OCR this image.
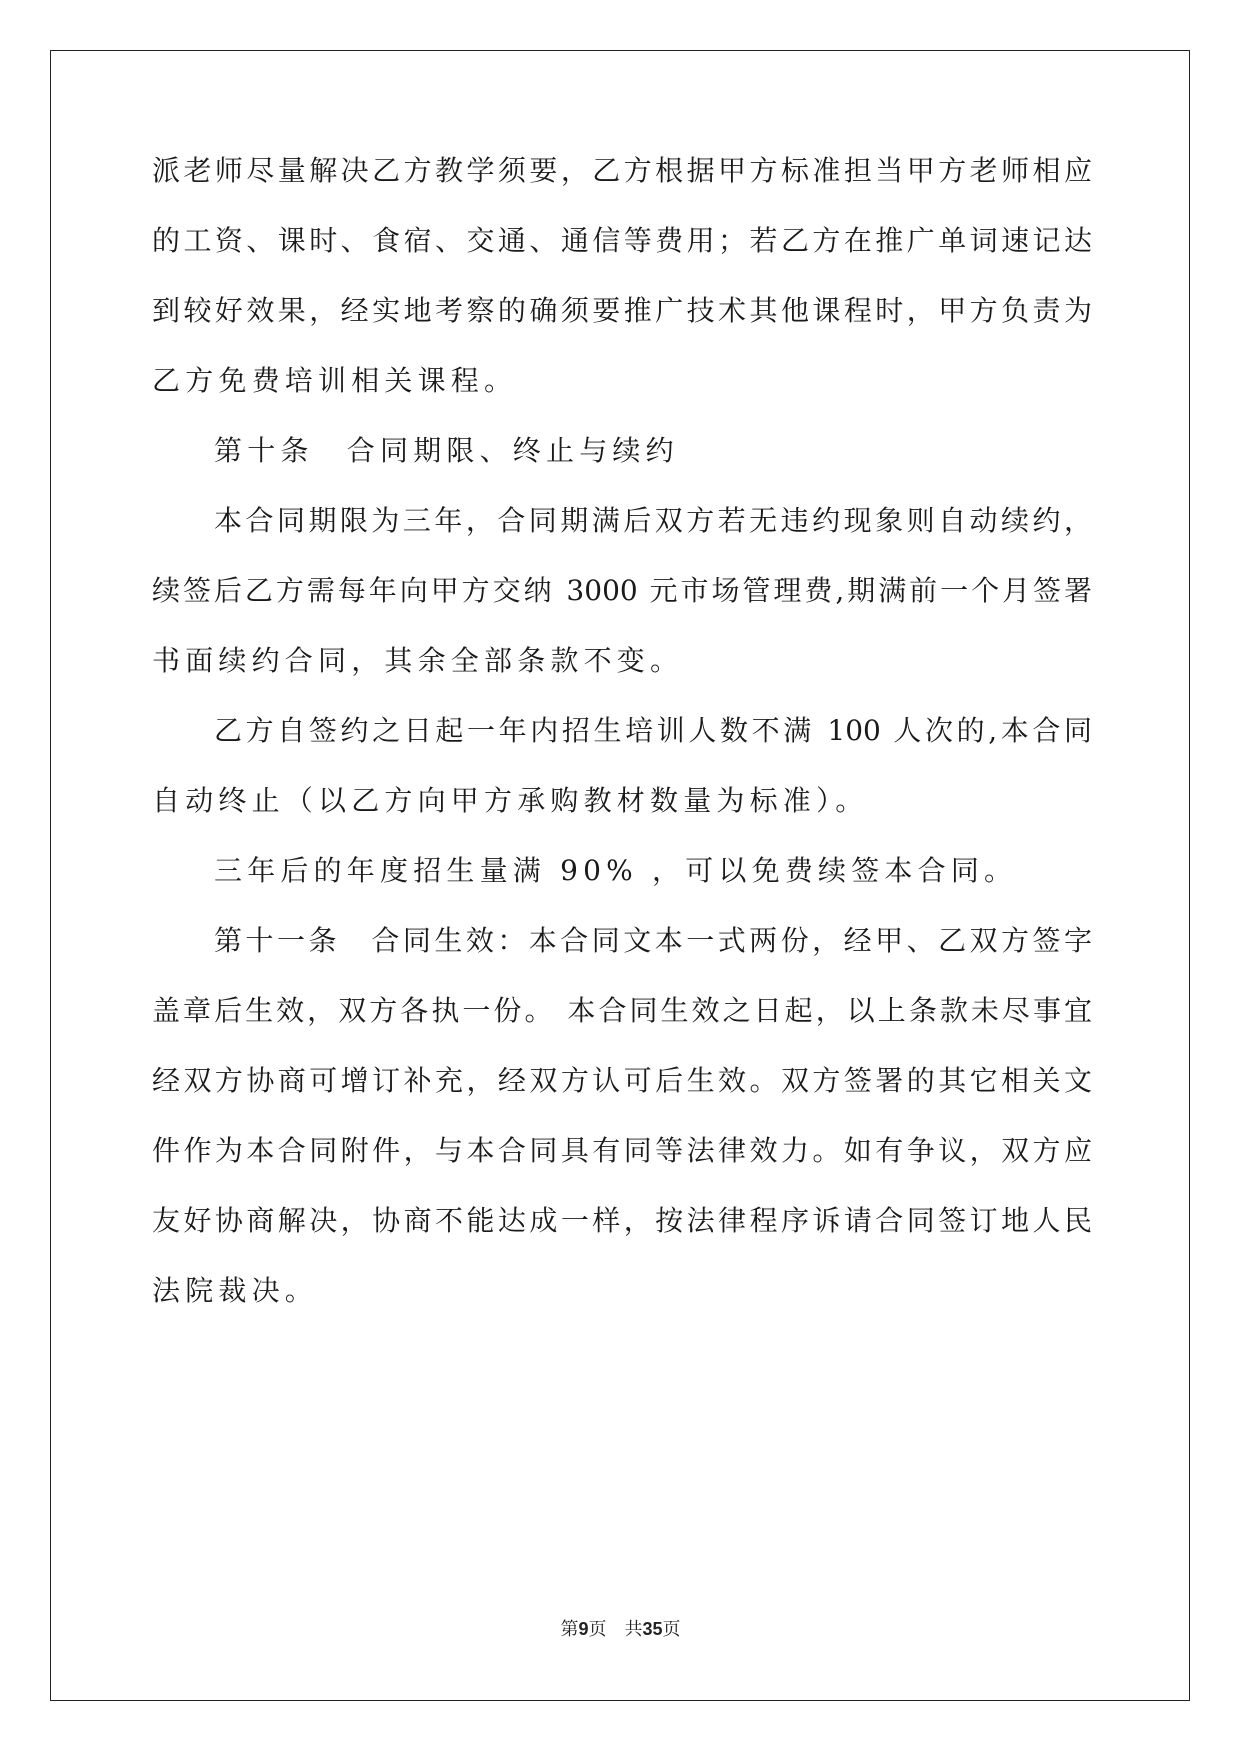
派老师尽量解决乙方教学须要，乙方根据甲方标准担当甲方老师相应
的工资、课时、食宿、交通、通信等费用；若乙方在推广单词速记达
到较好效果，经实地考察的确须要推广技术其他课程时，甲方负责为
乙方免费培训相关课程。
第十条　合同期限、终止与续约
本合同期限为三年，合同期满后双方若无违约现象则自动续约，
续签后乙方需每年向甲方交纳 3000 元市场管理费,期满前一个月签署
书面续约合同，其余全部条款不变。
乙方自签约之日起一年内招生培训人数不满 100 人次的,本合同
自动终止（以乙方向甲方承购教材数量为标准）。
三年后的年度招生量满 90% ，可以免费续签本合同。
第十一条　合同生效：本合同文本一式两份，经甲、乙双方签字
盖章后生效，双方各执一份。 本合同生效之日起，以上条款未尽事宜
经双方协商可增订补充，经双方认可后生效。双方签署的其它相关文
件作为本合同附件，与本合同具有同等法律效力。如有争议，双方应
友好协商解决，协商不能达成一样，按法律程序诉请合同签订地人民
法院裁决。
第9页　共35页
